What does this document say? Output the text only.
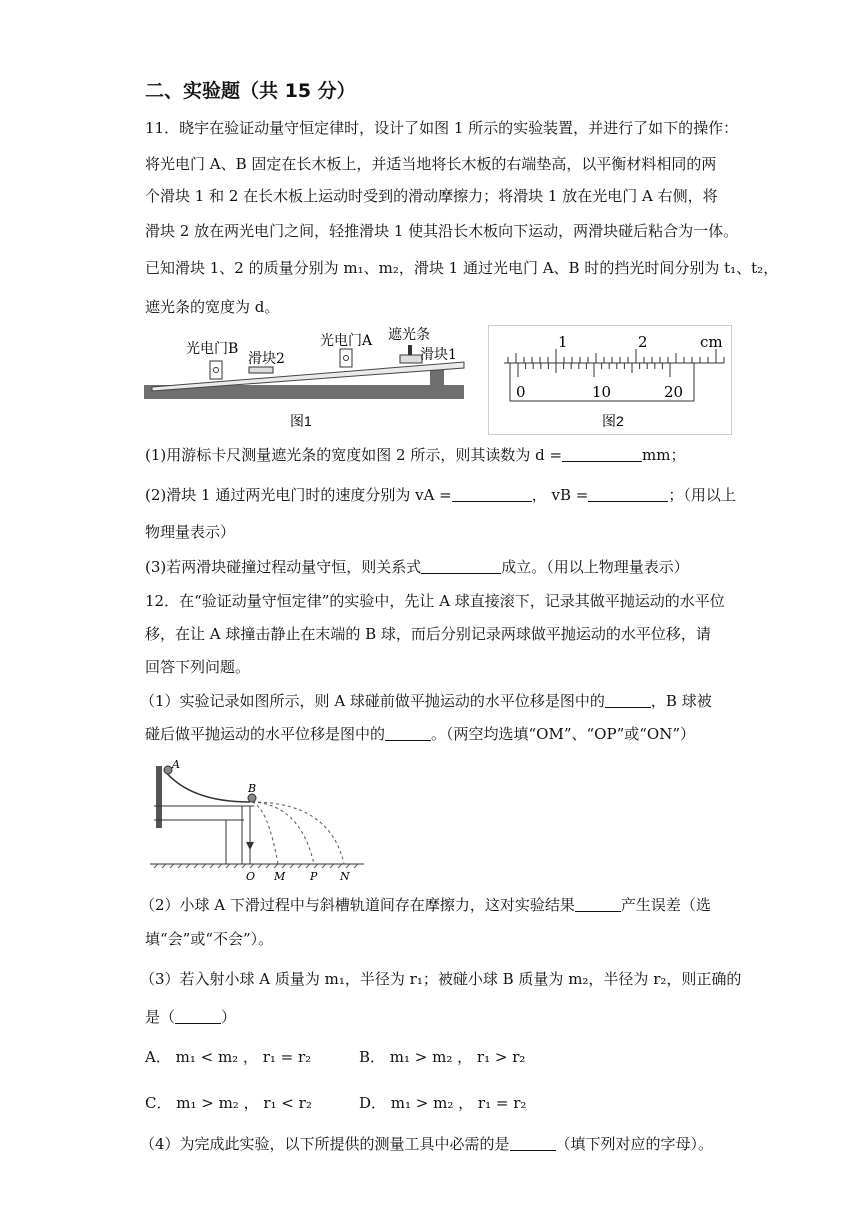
二、实验题（共 15 分）
11．晓宇在验证动量守恒定律时，设计了如图 1 所示的实验装置，并进行了如下的操作：
将光电门 A、B 固定在长木板上，并适当地将长木板的右端垫高，以平衡材料相同的两
个滑块 1 和 2 在长木板上运动时受到的滑动摩擦力；将滑块 1 放在光电门 A 右侧，将
滑块 2 放在两光电门之间，轻推滑块 1 使其沿长木板向下运动，两滑块碰后粘合为一体。
已知滑块 1、2 的质量分别为 m₁、m₂，滑块 1 通过光电门 A、B 时的挡光时间分别为 t₁、t₂，
遮光条的宽度为 d。
光电门B
滑块2
光电门A 遮光条
滑块1
图1
1	2	cm
0	10	20
图2
(1)用游标卡尺测量遮光条的宽度如图 2 所示，则其读数为 d =	mm；
(2)滑块 1 通过两光电门时的速度分别为 vA =	， vB =	；（用以上
物理量表示）
(3)若两滑块碰撞过程动量守恒，则关系式	成立。（用以上物理量表示）
12．在“验证动量守恒定律”的实验中，先让 A 球直接滚下，记录其做平抛运动的水平位
移，在让 A 球撞击静止在末端的 B 球，而后分别记录两球做平抛运动的水平位移，请
回答下列问题。
（1）实验记录如图所示，则 A 球碰前做平抛运动的水平位移是图中的	，B 球被
碰后做平抛运动的水平位移是图中的	。（两空均选填“OM”、“OP”或“ON”）
A
B
O M P N
（2）小球 A 下滑过程中与斜槽轨道间存在摩擦力，这对实验结果	产生误差（选
填“会”或“不会”）。
（3）若入射小球 A 质量为 m₁，半径为 r₁；被碰小球 B 质量为 m₂，半径为 r₂，则正确的
是（	）
A． m₁ < m₂ ， r₁ = r₂	B． m₁ > m₂ ， r₁ > r₂
C． m₁ > m₂ ， r₁ < r₂	D． m₁ > m₂ ， r₁ = r₂
（4）为完成此实验，以下所提供的测量工具中必需的是	（填下列对应的字母）。
